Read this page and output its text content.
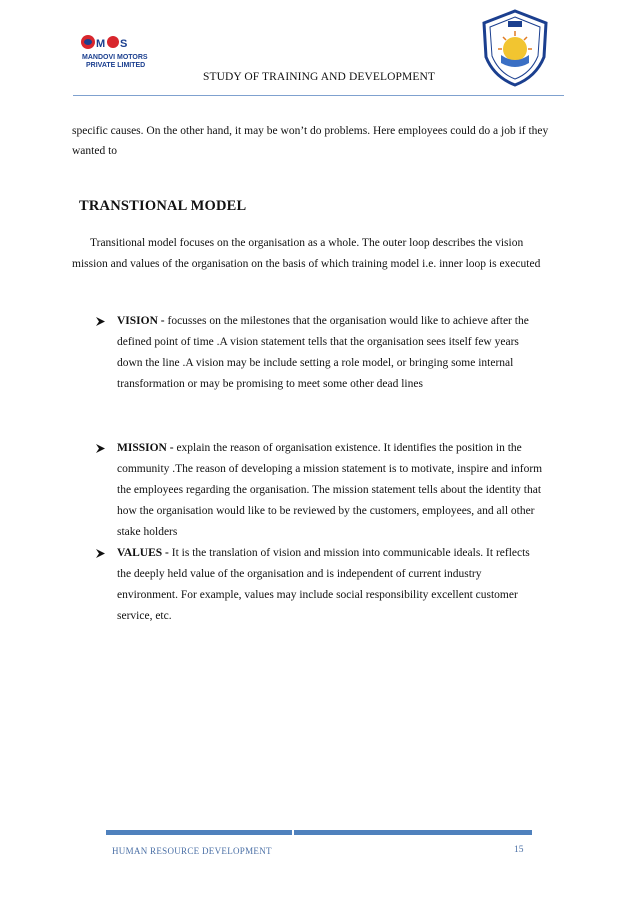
M S
MANDOVI MOTORS
PRIVATE LIMITED
STUDY OF TRAINING AND DEVELOPMENT

specific causes. On the other hand, it may be won’t do problems. Here employees could do a job if they wanted to

TRANSTIONAL MODEL

Transitional model focuses on the organisation as a whole. The outer loop describes the vision mission and values of the organisation on the basis of which training model i.e. inner loop is executed

VISION - focusses on the milestones that the organisation would like to achieve after the defined point of time .A vision statement tells that the organisation sees itself few years down the line .A vision may be include setting a role model, or bringing some internal transformation or may be promising to meet some other dead lines
MISSION - explain the reason of organisation existence. It identifies the position in the community .The reason of developing a mission statement is to motivate, inspire and inform the employees regarding the organisation. The mission statement tells about the identity that how the organisation would like to be reviewed by the customers, employees, and all other stake holders
VALUES - It is the translation of vision and mission into communicable ideals. It reflects the deeply held value of the organisation and is independent of current industry environment. For example, values may include social responsibility excellent customer service, etc.
HUMAN RESOURCE DEVELOPMENT	15
